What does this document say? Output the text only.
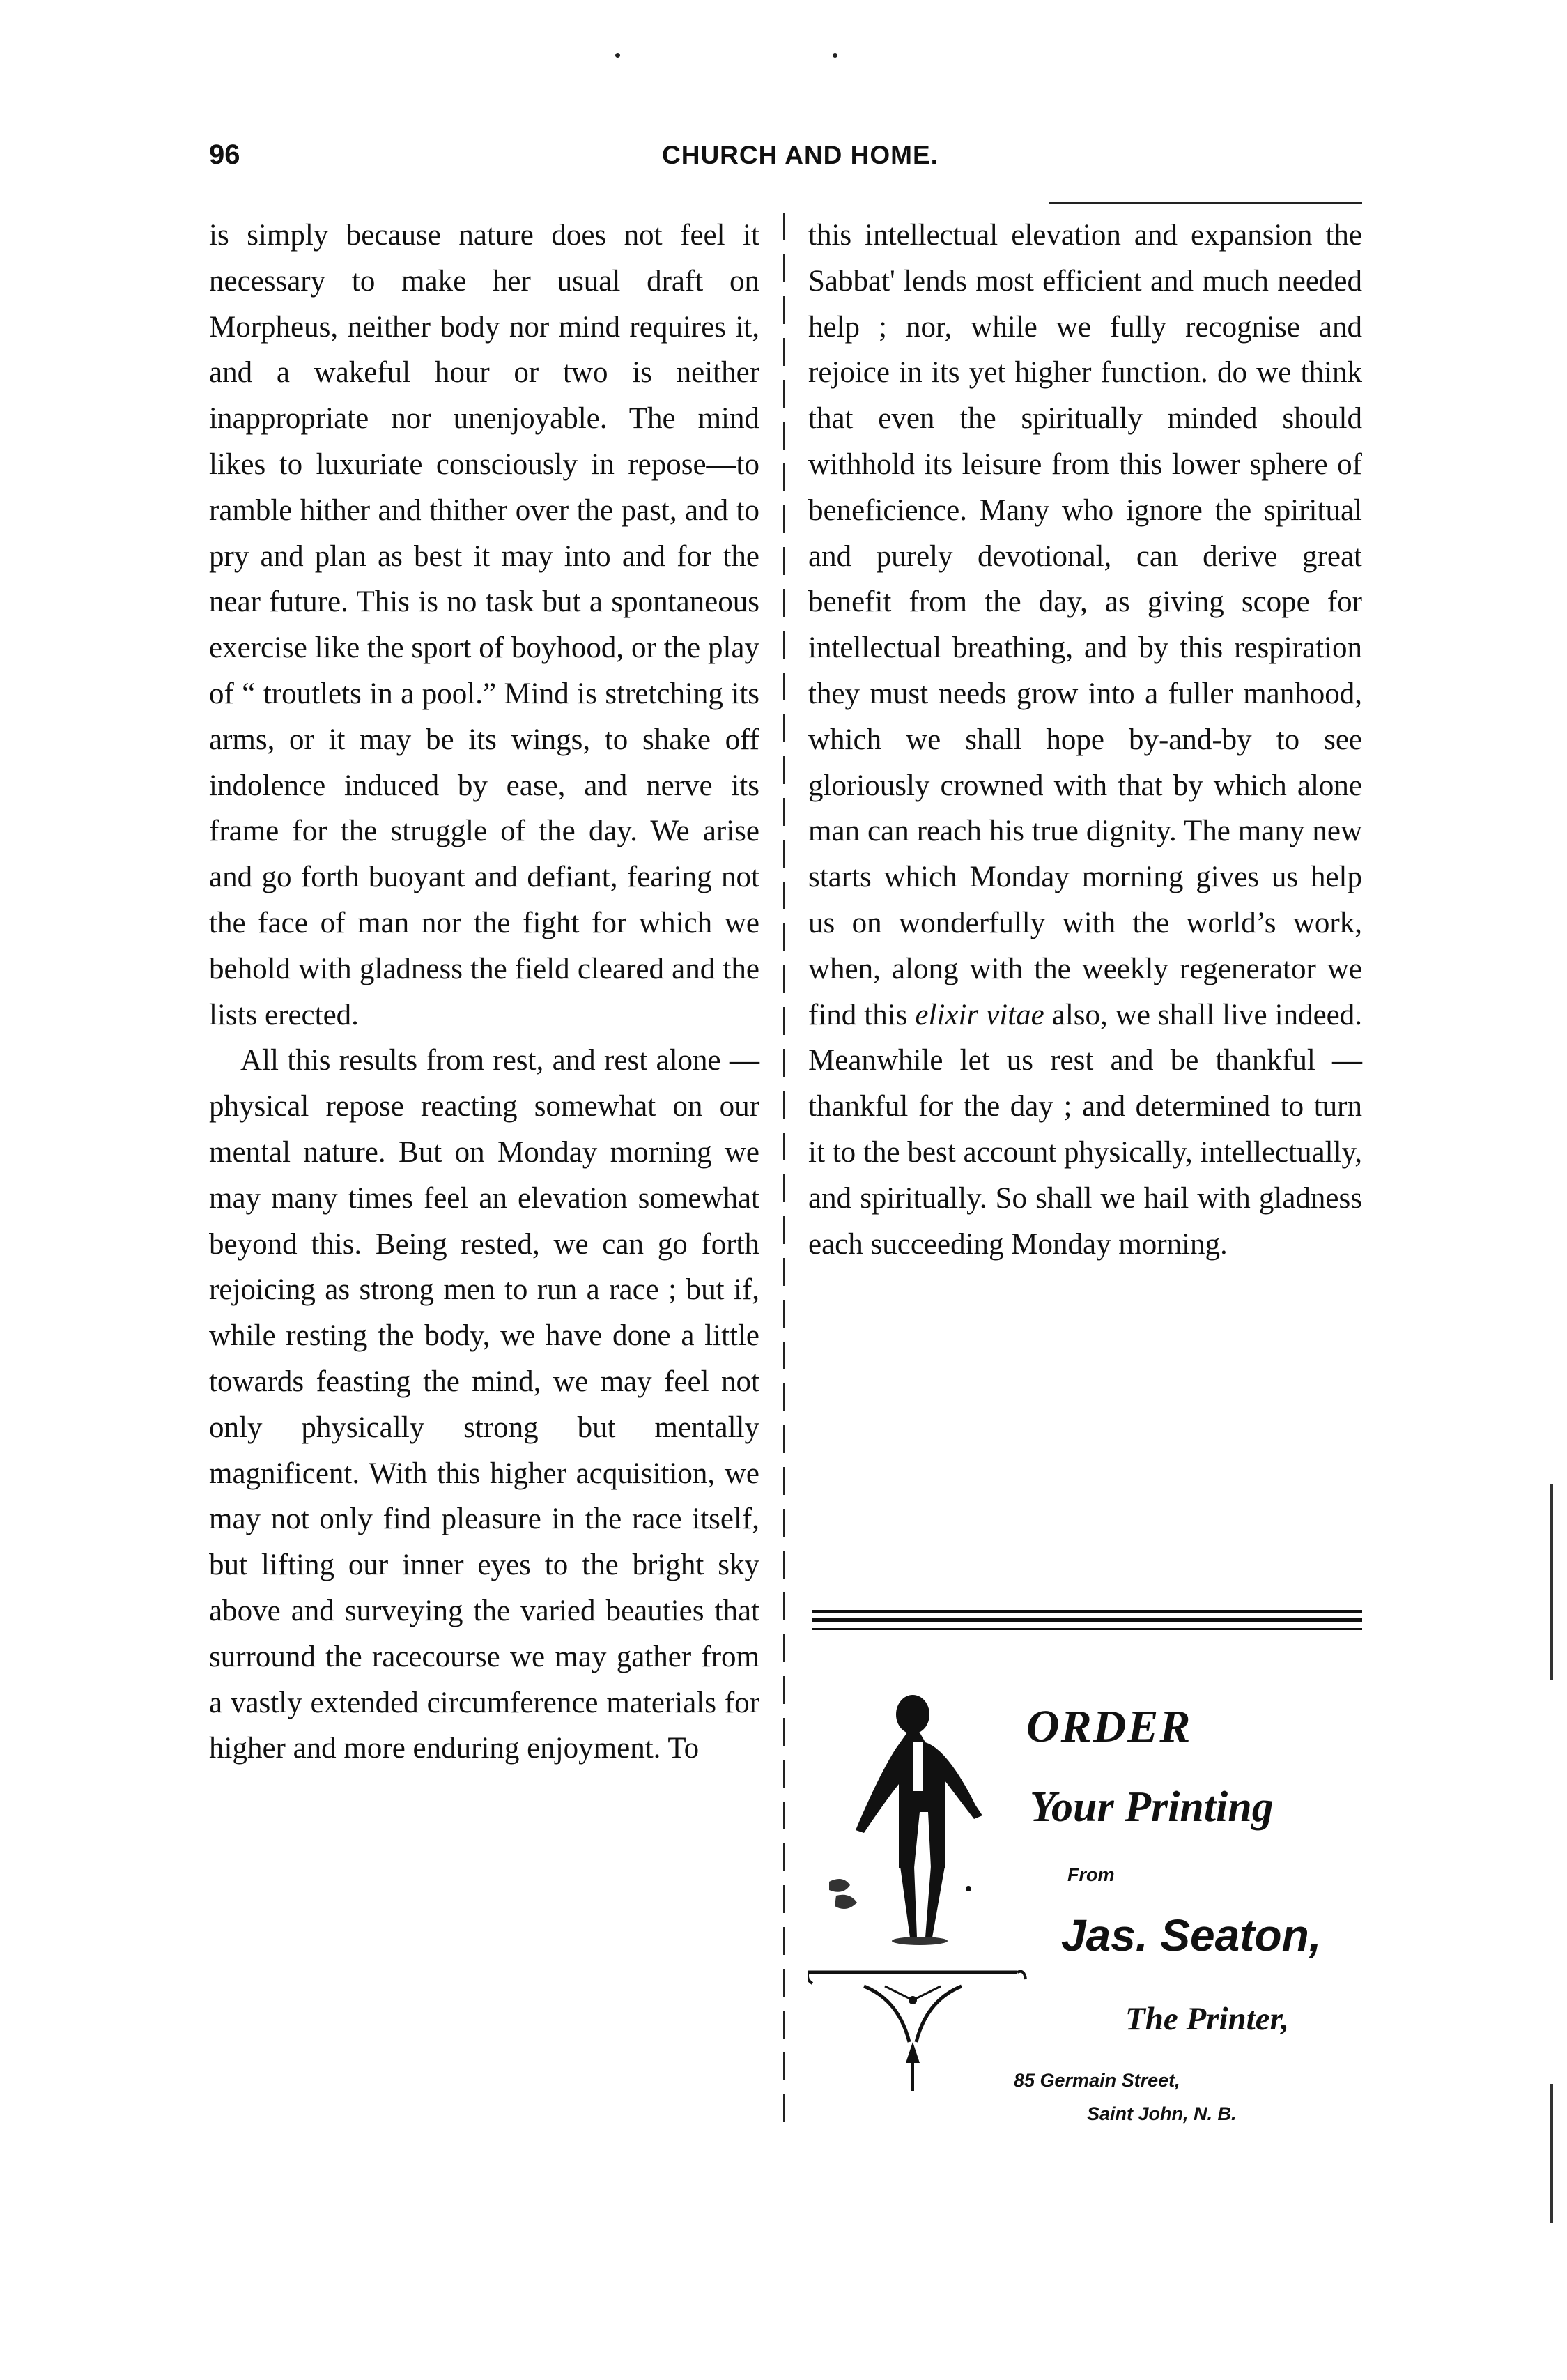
96	CHURCH AND HOME.

is simply because nature does not feel it necessary to make her usual draft on Morpheus, neither body nor mind requires it, and a wakeful hour or two is neither inappropriate nor unenjoyable. The mind likes to luxuriate consciously in repose—to ramble hither and thither over the past, and to pry and plan as best it may into and for the near future. This is no task but a spontaneous exercise like the sport of boyhood, or the play of “ troutlets in a pool.” Mind is stretching its arms, or it may be its wings, to shake off indolence induced by ease, and nerve its frame for the struggle of the day. We arise and go forth buoyant and defiant, fearing not the face of man nor the fight for which we behold with gladness the field cleared and the lists erected.

All this results from rest, and rest alone — physical repose reacting somewhat on our mental nature. But on Monday morning we may many times feel an elevation somewhat beyond this. Being rested, we can go forth rejoicing as strong men to run a race ; but if, while resting the body, we have done a little towards feasting the mind, we may feel not only physically strong but mentally magnificent. With this higher acquisition, we may not only find pleasure in the race itself, but lifting our inner eyes to the bright sky above and surveying the varied beauties that surround the racecourse we may gather from a vastly extended circumference materials for higher and more enduring enjoyment. To

this intellectual elevation and expansion the Sabbat' lends most efficient and much needed help ; nor, while we fully recognise and rejoice in its yet higher function. do we think that even the spiritually minded should withhold its leisure from this lower sphere of beneficience. Many who ignore the spiritual and purely devotional, can derive great benefit from the day, as giving scope for intellectual breathing, and by this respiration they must needs grow into a fuller manhood, which we shall hope by-and-by to see gloriously crowned with that by which alone man can reach his true dignity. The many new starts which Monday morning gives us help us on wonderfully with the world’s work, when, along with the weekly regenerator we find this elixir vitae also, we shall live indeed. Meanwhile let us rest and be thankful — thankful for the day ; and determined to turn it to the best account physically, intellectually, and spiritually. So shall we hail with gladness each succeeding Monday morning.

ORDER
Your Printing
From
Jas. Seaton,
The Printer,
85 Germain Street,
Saint John, N. B.
